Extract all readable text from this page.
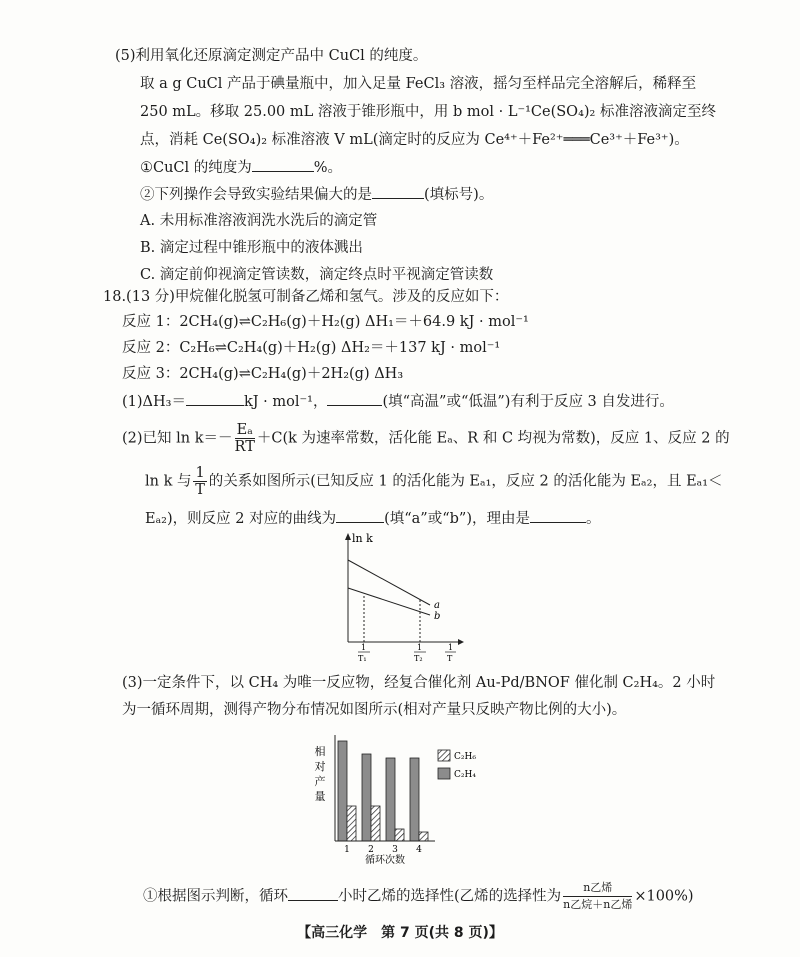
(5)利用氧化还原滴定测定产品中 CuCl 的纯度。
取 a g CuCl 产品于碘量瓶中，加入足量 FeCl₃ 溶液，摇匀至样品完全溶解后，稀释至
250 mL。移取 25.00 mL 溶液于锥形瓶中，用 b mol · L⁻¹Ce(SO₄)₂ 标准溶液滴定至终
点，消耗 Ce(SO₄)₂ 标准溶液 V mL(滴定时的反应为 Ce⁴⁺＋Fe²⁺═══Ce³⁺＋Fe³⁺)。
①CuCl 的纯度为	%。
②下列操作会导致实验结果偏大的是	(填标号)。
A. 未用标准溶液润洗水洗后的滴定管
B. 滴定过程中锥形瓶中的液体溅出
C. 滴定前仰视滴定管读数，滴定终点时平视滴定管读数
18.(13 分)甲烷催化脱氢可制备乙烯和氢气。涉及的反应如下：
反应 1：2CH₄(g)⇌C₂H₆(g)＋H₂(g) ΔH₁＝＋64.9 kJ · mol⁻¹
反应 2：C₂H₆⇌C₂H₄(g)＋H₂(g) ΔH₂＝＋137 kJ · mol⁻¹
反应 3：2CH₄(g)⇌C₂H₄(g)＋2H₂(g) ΔH₃
(1)ΔH₃＝	kJ · mol⁻¹，	(填“高温”或“低温”)有利于反应 3 自发进行。
(2)已知 $\ln k=- \frac{\text{Eₐ}}{RT} +C(k$ 为速率常数，活化能 Eₐ、R 和 C 均视为常数)，反应 1、反应 2 的
ln k 与 $\frac{1}{T}$ 的关系如图所示(已知反应 1 的活化能为 Eₐ₁，反应 2 的活化能为 Eₐ₂，且 Eₐ₁＜
Eₐ₂)，则反应 2 对应的曲线为	(填“a”或“b”)，理由是	。
ln k
a
b
1
T₁
1
T₂
1
T
(3)一定条件下，以 CH₄ 为唯一反应物，经复合催化剂 Au-Pd/BNOF 催化制 C₂H₄。2 小时
为一循环周期，测得产物分布情况如图所示(相对产量只反映产物比例的大小)。
相
对
产
量
1 2 3 4
循环次数
C₂H₆
C₂H₄
①根据图示判断，循环	小时乙烯的选择性(乙烯的选择性为 $\frac{\text{n乙烯}}{\text{n乙烷＋n乙烯}} \times 100\%$)
【高三化学　第 7 页(共 8 页)】
